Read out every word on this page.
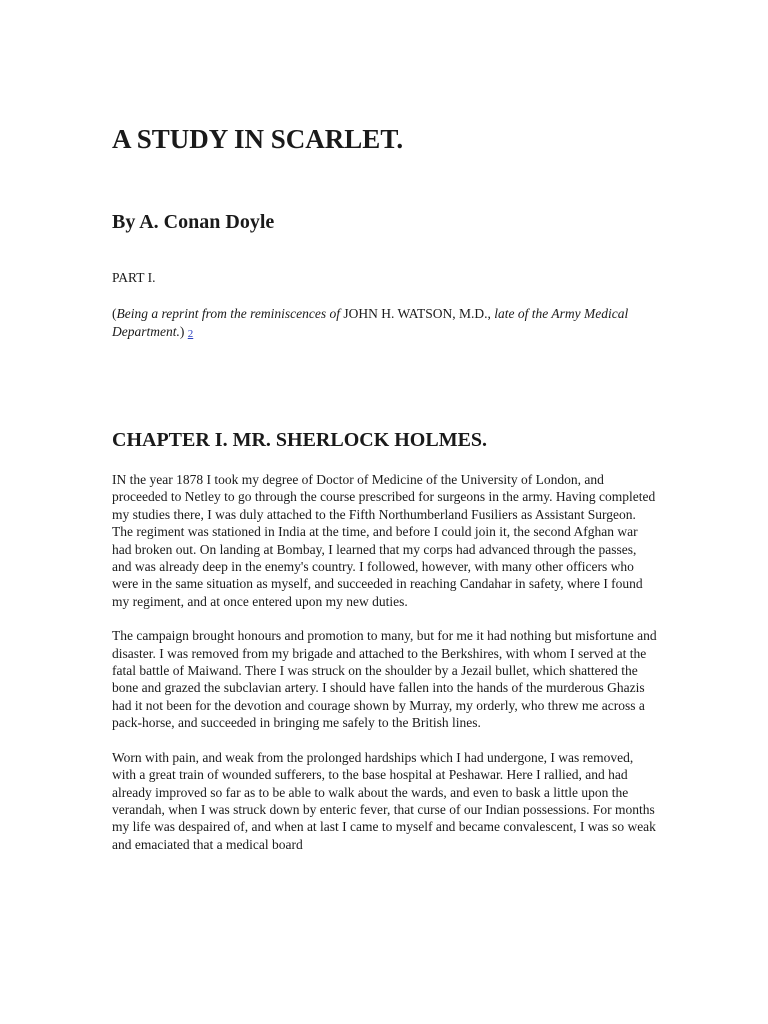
A STUDY IN SCARLET.
By A. Conan Doyle

PART I.

(Being a reprint from the reminiscences of JOHN H. WATSON, M.D., late of the Army Medical Department.) 2

CHAPTER I. MR. SHERLOCK HOLMES.

IN the year 1878 I took my degree of Doctor of Medicine of the University of London, and proceeded to Netley to go through the course prescribed for surgeons in the army. Having completed my studies there, I was duly attached to the Fifth Northumberland Fusiliers as Assistant Surgeon. The regiment was stationed in India at the time, and before I could join it, the second Afghan war had broken out. On landing at Bombay, I learned that my corps had advanced through the passes, and was already deep in the enemy's country. I followed, however, with many other officers who were in the same situation as myself, and succeeded in reaching Candahar in safety, where I found my regiment, and at once entered upon my new duties.

The campaign brought honours and promotion to many, but for me it had nothing but misfortune and disaster. I was removed from my brigade and attached to the Berkshires, with whom I served at the fatal battle of Maiwand. There I was struck on the shoulder by a Jezail bullet, which shattered the bone and grazed the subclavian artery. I should have fallen into the hands of the murderous Ghazis had it not been for the devotion and courage shown by Murray, my orderly, who threw me across a pack-horse, and succeeded in bringing me safely to the British lines.

Worn with pain, and weak from the prolonged hardships which I had undergone, I was removed, with a great train of wounded sufferers, to the base hospital at Peshawar. Here I rallied, and had already improved so far as to be able to walk about the wards, and even to bask a little upon the verandah, when I was struck down by enteric fever, that curse of our Indian possessions. For months my life was despaired of, and when at last I came to myself and became convalescent, I was so weak and emaciated that a medical board
